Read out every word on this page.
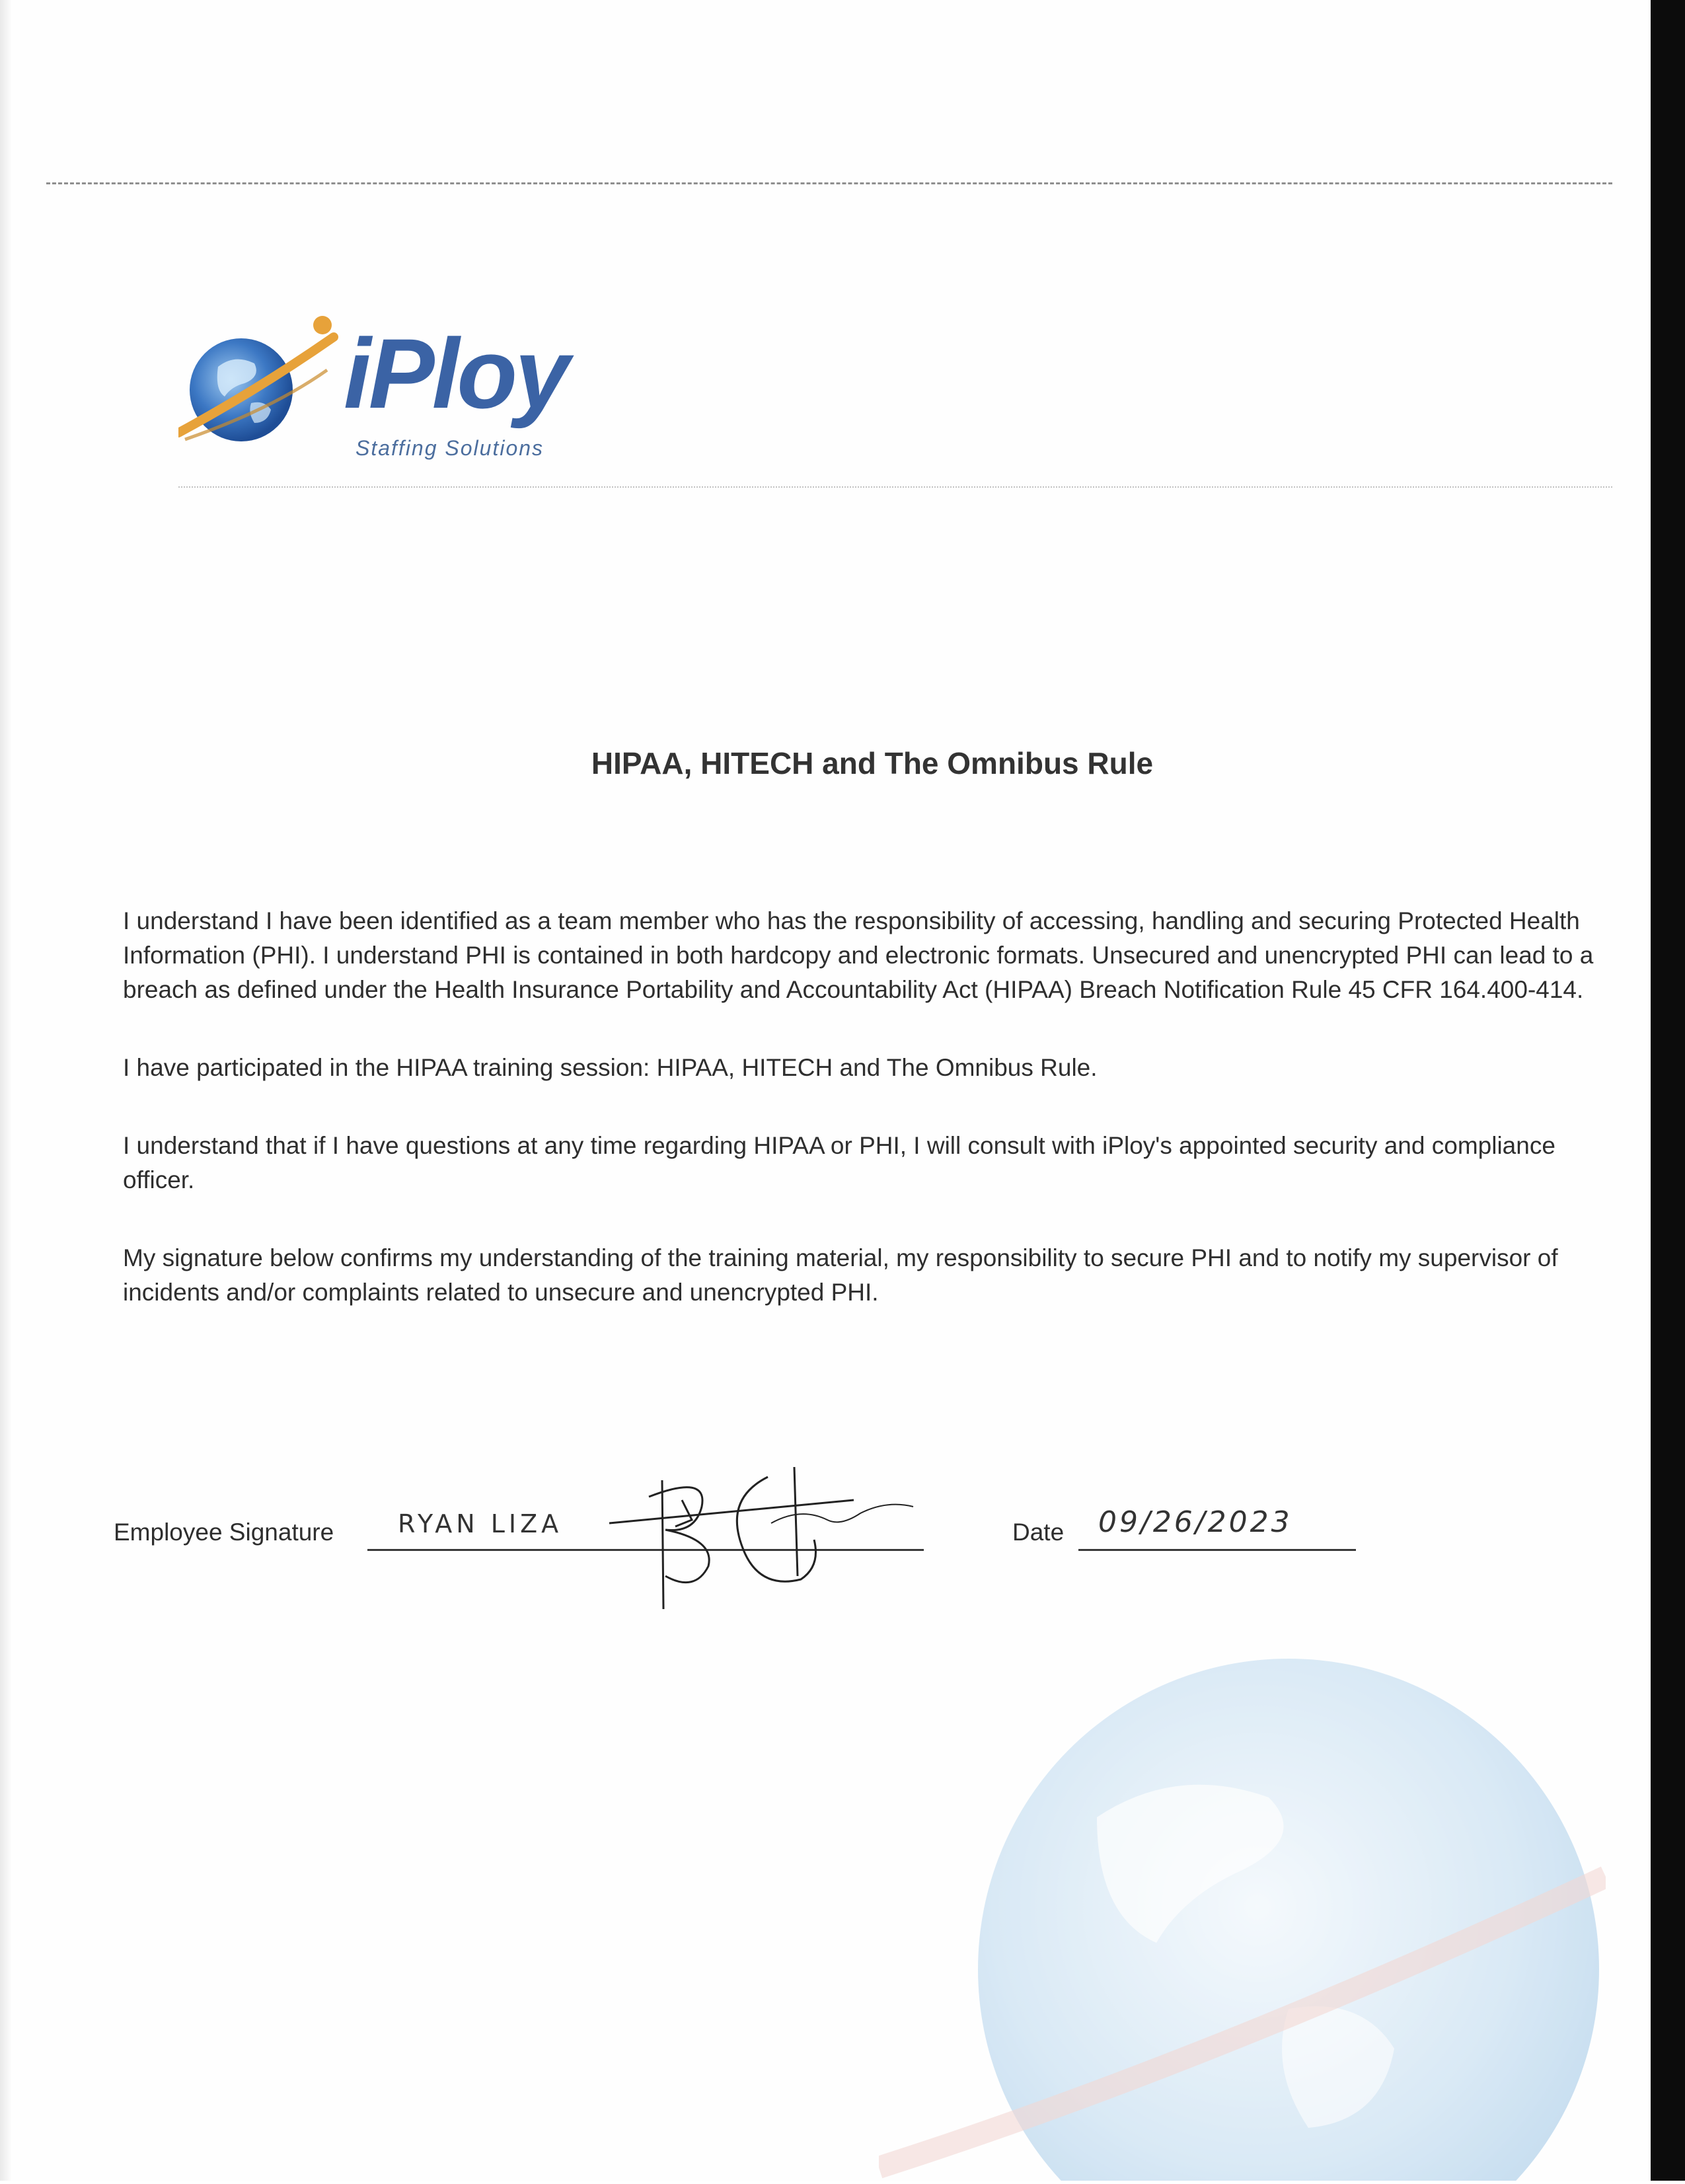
iPloy
Staffing Solutions
HIPAA, HITECH and The Omnibus Rule

I understand I have been identified as a team member who has the responsibility of accessing, handling and securing Protected Health Information (PHI). I understand PHI is contained in both hardcopy and electronic formats. Unsecured and unencrypted PHI can lead to a breach as defined under the Health Insurance Portability and Accountability Act (HIPAA) Breach Notification Rule 45 CFR 164.400-414.

I have participated in the HIPAA training session: HIPAA, HITECH and The Omnibus Rule.

I understand that if I have questions at any time regarding HIPAA or PHI, I will consult with iPloy's appointed security and compliance officer.

My signature below confirms my understanding of the training material, my responsibility to secure PHI and to notify my supervisor of incidents and/or complaints related to unsecure and unencrypted PHI.

Employee Signature	RYAN LIZA	Date 09/26/2023
